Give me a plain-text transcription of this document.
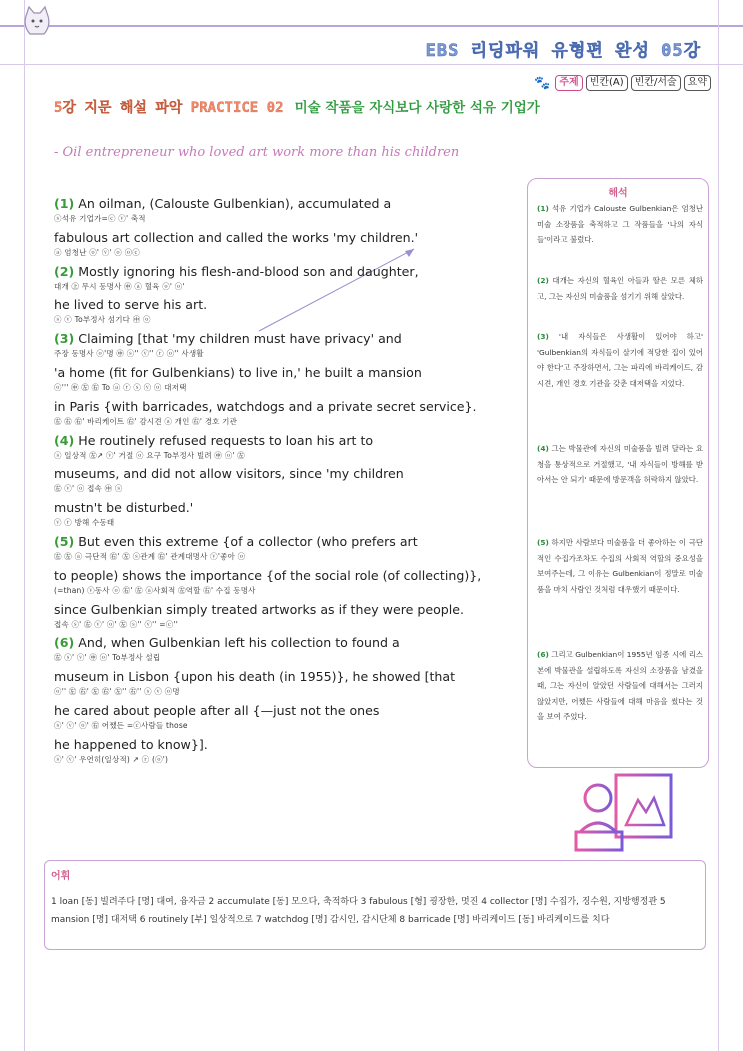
EBS 리딩파워 유형편 완성 05강
🐾 주제	빈칸(A)	빈칸/서술	요약
5강 지문 해설 파악 PRACTICE 02 미술 작품을 자식보다 사랑한 석유 기업가
- Oil entrepreneur who loved art work more than his children
(1) An oilman, (Calouste Gulbenkian), accumulated a
ⓢ석유 기업가=ⓒ ⓥ' 축적
fabulous art collection and called the works 'my children.'
ⓐ 엄청난 ⓞ' ⓥ' ⓞ ⓞⓒ
(2) Mostly ignoring his flesh-and-blood son and daughter,
대개 ㊤ 무시 동명사 ㊥ ⓐ 혈육 ⓞ' ⓞ'
he lived to serve his art.
ⓢ ⓥ To부정사 섬기다 ㊥ ⓞ
(3) Claiming [that 'my children must have privacy' and
주장 동명사 ⓞ'명 ㊥ ⓢ'' ⓥ'' ⓡ ⓞ'' 사생활
'a home (fit for Gulbenkians) to live in,' he built a mansion
ⓞ''' ㊥ ㊧ ㊨ To ⓐ ⓡ ⓢ ⓥ ⓞ 대저택
in Paris {with barricades, watchdogs and a private secret service}.
㊧ ㊨ ㊨' 바리케이트 ㊨' 감시견 ⓐ 개인 ㊨' 경호 기관
(4) He routinely refused requests to loan his art to
ⓢ 일상적 ㊧↗ ⓥ' 거절 ⓞ 요구 To부정사 빌려 ㊥ ⓞ' ㊧
museums, and did not allow visitors, since 'my children
㊧ ⓥ' ⓞ 접속 ㊥ ⓢ
mustn't be disturbed.'
ⓥ ⓡ 방해 수동태
(5) But even this extreme {of a collector (who prefers art
㊧ ㊧ ⓐ 극단적 ㊨' ㊧ ⓢ관계 ㊨' 관계대명사 ⓥ'좋아 ⓞ
to people) shows the importance {of the social role (of collecting)},
(=than) ⓥ동사 ⓞ ㊨' ㊧ ⓐ사회적 ㊧역할 ㊨' 수집 동명사
since Gulbenkian simply treated artworks as if they were people.
접속 ⓢ' ㊧ ⓥ' ⓞ' ㊧ ⓢ'' ⓥ'' =ⓒ''
(6) And, when Gulbenkian left his collection to found a
㊧ ⓢ' ⓥ' ㊥ ⓞ' To부정사 설립
museum in Lisbon {upon his death (in 1955)}, he showed [that
ⓞ'' ㊧ ㊨' ㊧ ㊨' ㊧'' ㊨'' ⓢ ⓥ ⓞ명
he cared about people after all {—just not the ones
ⓢ' ⓥ' ⓞ' ㊨ 어쨌든 =ⓒ사람들 those
he happened to know}].
ⓢ' ⓥ' 우연히(일상적) ↗ ⓡ (ⓞ')
해석
(1) 석유 기업가 Calouste Gulbenkian은 엄청난 미술 소장품을 축적하고 그 작품들을 '나의 자식들'이라고 불렀다.
(2) 대개는 자신의 혈육인 아들과 딸은 모른 체하고, 그는 자신의 미술품을 섬기기 위해 살았다.
(3) '내 자식들은 사생활이 있어야 하고' 'Gulbenkian의 자식들이 살기에 적당한 집이 있어야 한다'고 주장하면서, 그는 파리에 바리케이드, 감시견, 개인 경호 기관을 갖춘 대저택을 지었다.
(4) 그는 박물관에 자신의 미술품을 빌려 달라는 요청을 통상적으로 거절했고, '내 자식들이 방해를 받아서는 안 되기' 때문에 방문객을 허락하지 않았다.
(5) 하지만 사람보다 미술품을 더 좋아하는 이 극단적인 수집가조차도 수집의 사회적 역할의 중요성을 보여주는데, 그 이유는 Gulbenkian이 정말로 미술품을 마치 사람인 것처럼 대우했기 때문이다.
(6) 그리고 Gulbenkian이 1955년 임종 시에 리스본에 박물관을 설립하도록 자신의 소장품을 남겼을 때, 그는 자신이 알았던 사람들에 대해서는 그러지 않았지만, 어쨌든 사람들에 대해 마음을 썼다는 것을 보여 주었다.
어휘
1 loan [동] 빌려주다 [명] 대여, 융자금 2 accumulate [동] 모으다, 축적하다 3 fabulous [형] 굉장한, 멋진 4 collector [명] 수집가, 징수원, 지방행정관 5 mansion [명] 대저택 6 routinely [부] 일상적으로 7 watchdog [명] 감시인, 감시단체 8 barricade [명] 바리케이드 [동] 바리케이드를 치다
